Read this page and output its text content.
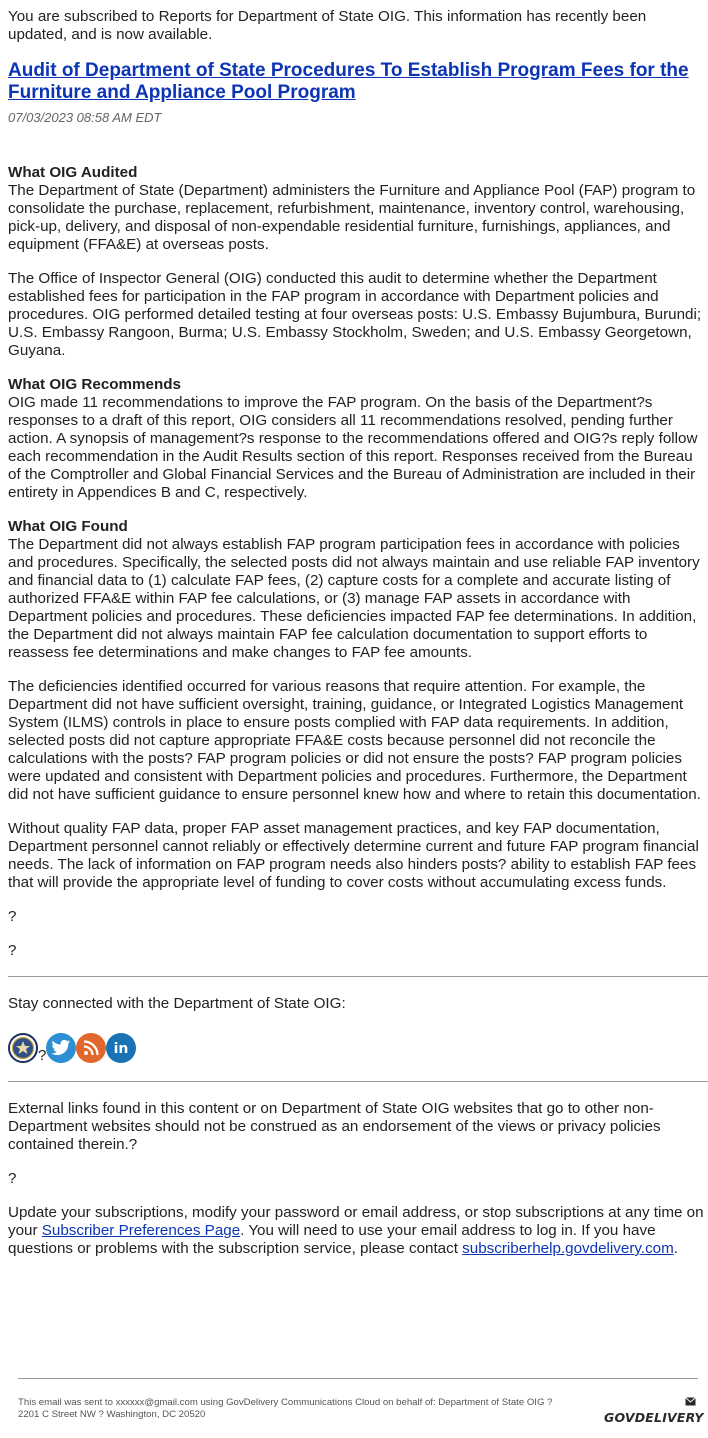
You are subscribed to Reports for Department of State OIG. This information has recently been updated, and is now available.

Audit of Department of State Procedures To Establish Program Fees for the Furniture and Appliance Pool Program

07/03/2023 08:58 AM EDT

What OIG Audited

The Department of State (Department) administers the Furniture and Appliance Pool (FAP) program to consolidate the purchase, replacement, refurbishment, maintenance, inventory control, warehousing, pick-up, delivery, and disposal of non-expendable residential furniture, furnishings, appliances, and equipment (FFA&E) at overseas posts.

The Office of Inspector General (OIG) conducted this audit to determine whether the Department established fees for participation in the FAP program in accordance with Department policies and procedures. OIG performed detailed testing at four overseas posts: U.S. Embassy Bujumbura, Burundi; U.S. Embassy Rangoon, Burma; U.S. Embassy Stockholm, Sweden; and U.S. Embassy Georgetown, Guyana.

What OIG Recommends

OIG made 11 recommendations to improve the FAP program. On the basis of the Department?s responses to a draft of this report, OIG considers all 11 recommendations resolved, pending further action. A synopsis of management?s response to the recommendations offered and OIG?s reply follow each recommendation in the Audit Results section of this report. Responses received from the Bureau of the Comptroller and Global Financial Services and the Bureau of Administration are included in their entirety in Appendices B and C, respectively.

What OIG Found

The Department did not always establish FAP program participation fees in accordance with policies and procedures. Specifically, the selected posts did not always maintain and use reliable FAP inventory and financial data to (1) calculate FAP fees, (2) capture costs for a complete and accurate listing of authorized FFA&E within FAP fee calculations, or (3) manage FAP assets in accordance with Department policies and procedures. These deficiencies impacted FAP fee determinations. In addition, the Department did not always maintain FAP fee calculation documentation to support efforts to reassess fee determinations and make changes to FAP fee amounts.

The deficiencies identified occurred for various reasons that require attention. For example, the Department did not have sufficient oversight, training, guidance, or Integrated Logistics Management System (ILMS) controls in place to ensure posts complied with FAP data requirements. In addition, selected posts did not capture appropriate FFA&E costs because personnel did not reconcile the calculations with the posts? FAP program policies or did not ensure the posts? FAP program policies were updated and consistent with Department policies and procedures. Furthermore, the Department did not have sufficient guidance to ensure personnel knew how and where to retain this documentation.

Without quality FAP data, proper FAP asset management practices, and key FAP documentation, Department personnel cannot reliably or effectively determine current and future FAP program financial needs. The lack of information on FAP program needs also hinders posts? ability to establish FAP fees that will provide the appropriate level of funding to cover costs without accumulating excess funds.

?

?

Stay connected with the Department of State OIG:

?	in

External links found in this content or on Department of State OIG websites that go to other non-Department websites should not be construed as an endorsement of the views or privacy policies contained therein.?

?

Update your subscriptions, modify your password or email address, or stop subscriptions at any time on your Subscriber Preferences Page. You will need to use your email address to log in. If you have questions or problems with the subscription service, please contact subscriberhelp.govdelivery.com.

This email was sent to xxxxxx@gmail.com using GovDelivery Communications Cloud on behalf of: Department of State OIG ?
2201 C Street NW ? Washington, DC 20520	GOVDELIVERY
